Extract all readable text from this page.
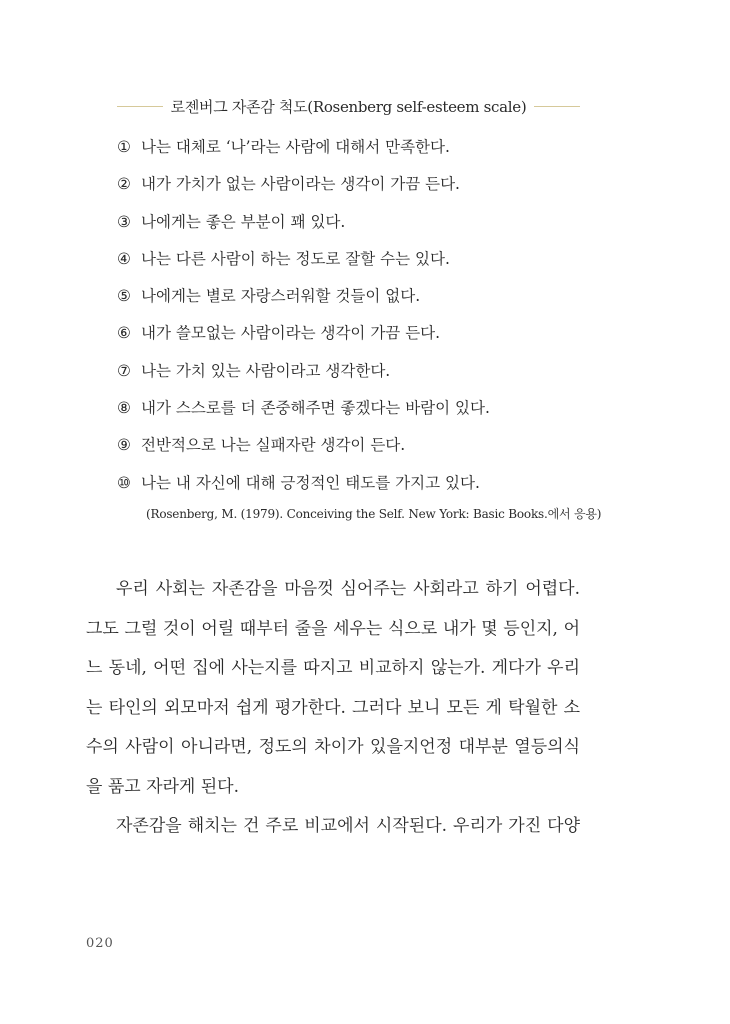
로젠버그 자존감 척도(Rosenberg self-esteem scale)
① 나는 대체로 ‘나’라는 사람에 대해서 만족한다.
② 내가 가치가 없는 사람이라는 생각이 가끔 든다.
③ 나에게는 좋은 부분이 꽤 있다.
④ 나는 다른 사람이 하는 정도로 잘할 수는 있다.
⑤ 나에게는 별로 자랑스러워할 것들이 없다.
⑥ 내가 쓸모없는 사람이라는 생각이 가끔 든다.
⑦ 나는 가치 있는 사람이라고 생각한다.
⑧ 내가 스스로를 더 존중해주면 좋겠다는 바람이 있다.
⑨ 전반적으로 나는 실패자란 생각이 든다.
⑩ 나는 내 자신에 대해 긍정적인 태도를 가지고 있다.
(Rosenberg, M. (1979). Conceiving the Self. New York: Basic Books.에서 응용)
우리 사회는 자존감을 마음껏 심어주는 사회라고 하기 어렵다.
그도 그럴 것이 어릴 때부터 줄을 세우는 식으로 내가 몇 등인지, 어
느 동네, 어떤 집에 사는지를 따지고 비교하지 않는가. 게다가 우리
는 타인의 외모마저 쉽게 평가한다. 그러다 보니 모든 게 탁월한 소
수의 사람이 아니라면, 정도의 차이가 있을지언정 대부분 열등의식
을 품고 자라게 된다.
자존감을 해치는 건 주로 비교에서 시작된다. 우리가 가진 다양
020
